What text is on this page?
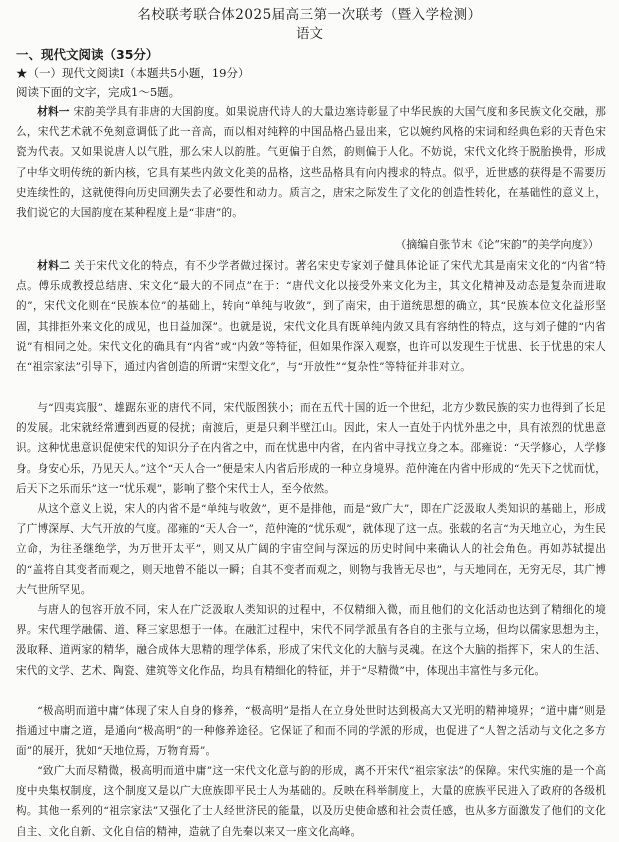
名校联考联合体2025届高三第一次联考（暨入学检测）
语文
一、现代文阅读（35分）
★（一）现代文阅读Ⅰ（本题共5小题，19分）
阅读下面的文字，完成1～5题。

材料一 宋韵美学具有非唐的大国韵度。如果说唐代诗人的大量边塞诗彰显了中华民族的大国气度和多民族文化交融，那么，宋代艺术就不免刻意调低了此一音高，而以相对纯粹的中国品格凸显出来，它以婉约风格的宋词和经典色彩的天青色宋瓷为代表。又如果说唐人以气胜，那么宋人以韵胜。气更偏于自然，韵则偏于人化。不妨说，宋代文化终于脱胎换骨，形成了中华文明传统的新内核，它具有某些内敛文化美的品格，这些品格具有向内搜求的特点。似乎，近世感的获得是不需要历史连续性的，这就使得向历史回溯失去了必要性和动力。质言之，唐宋之际发生了文化的创造性转化，在基础性的意义上，我们说它的大国韵度在某种程度上是“非唐”的。

（摘编自张节末《论“宋韵”的美学向度》）

材料二 关于宋代文化的特点，有不少学者做过探讨。著名宋史专家刘子健具体论证了宋代尤其是南宋文化的“内省”特点。傅乐成教授总结唐、宋文化“最大的不同点”在于：“唐代文化以接受外来文化为主，其文化精神及动态是复杂而进取的”，宋代文化则在“民族本位”的基础上，转向“单纯与收敛”，到了南宋，由于道统思想的确立，其“民族本位文化益形坚固，其排拒外来文化的成见，也日益加深”。也就是说，宋代文化具有既单纯内敛又具有容纳性的特点，这与刘子健的“内省说”有相同之处。宋代文化的确具有“内省”或“内敛”等特征，但如果作深入观察，也许可以发现生于忧患、长于忧患的宋人在“祖宗家法”引导下，通过内省创造的所谓“宋型文化”，与“开放性”“复杂性”等特征并非对立。

与“四夷宾服”、雄踞东亚的唐代不同，宋代版图狭小；而在五代十国的近一个世纪，北方少数民族的实力也得到了长足的发展。北宋就经常遭到西夏的侵扰；南渡后，更是只剩半壁江山。因此，宋人一直处于内忧外患之中，具有浓烈的忧患意识。这种忧患意识促使宋代的知识分子在内省之中，而在忧患中内省，在内省中寻找立身之本。邵雍说：“天学修心，人学修身。身安心乐，乃见天人。”这个“天人合一”便是宋人内省后形成的一种立身境界。范仲淹在内省中形成的“先天下之忧而忧，后天下之乐而乐”这一“忧乐观”，影响了整个宋代士人，至今依然。

从这个意义上说，宋人的内省不是“单纯与收敛”，更不是排他，而是“致广大”，即在广泛汲取人类知识的基础上，形成了广博深厚、大气开放的气度。邵雍的“天人合一”，范仲淹的“忧乐观”，就体现了这一点。张载的名言“为天地立心，为生民立命，为往圣继绝学，为万世开太平”，则又从广阔的宇宙空间与深远的历史时间中来确认人的社会角色。再如苏轼提出的“盖将自其变者而观之，则天地曾不能以一瞬；自其不变者而观之，则物与我皆无尽也”，与天地同在，无穷无尽，其广博大气世所罕见。

与唐人的包容开放不同，宋人在广泛汲取人类知识的过程中，不仅精细入微，而且他们的文化活动也达到了精细化的境界。宋代理学融儒、道、释三家思想于一体。在融汇过程中，宋代不同学派虽有各自的主张与立场，但均以儒家思想为主，汲取释、道两家的精华，融合成体大思精的理学体系，形成了宋代文化的大脑与灵魂。在这个大脑的指挥下，宋人的生活、宋代的文学、艺术、陶瓷、建筑等文化作品，均具有精细化的特征，并于“尽精微”中，体现出丰富性与多元化。

“极高明而道中庸”体现了宋人自身的修养，“极高明”是指人在立身处世时达到极高大又光明的精神境界；“道中庸”则是指通过中庸之道，是通向“极高明”的一种修养途径。它保证了和而不同的学派的形成，也促进了“人智之活动与文化之多方面”的展开，犹如“天地位焉，万物育焉”。

“致广大而尽精微，极高明而道中庸”这一宋代文化意与韵的形成，离不开宋代“祖宗家法”的保障。宋代实施的是一个高度中央集权制度，这个制度又是以广大庶族即平民士人为基础的。反映在科举制度上，大量的庶族平民进入了政府的各级机构。其他一系列的“祖宗家法”又强化了士人经世济民的能量，以及历史使命感和社会责任感，也从多方面激发了他们的文化自主、文化自新、文化自信的精神，造就了自先秦以来又一座文化高峰。
